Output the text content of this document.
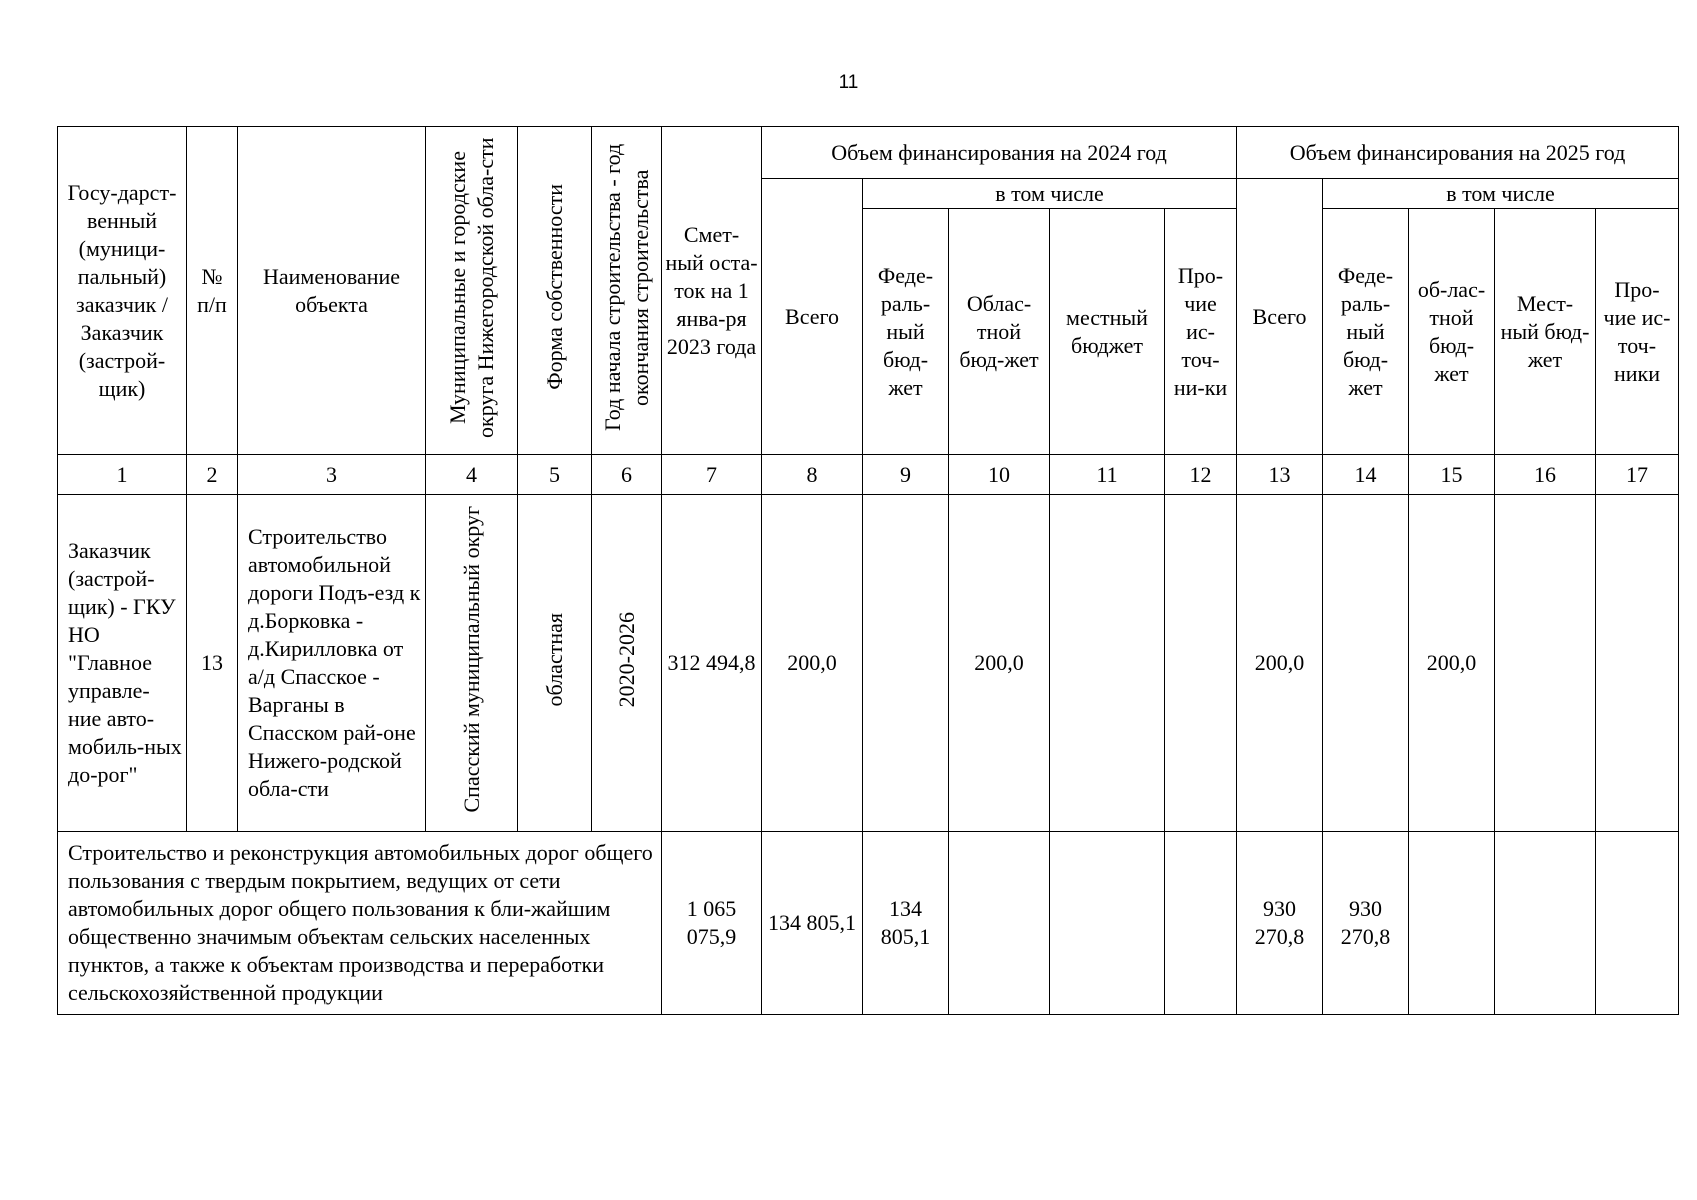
11
Госу-дарст-венный (муници-пальный) заказчик / Заказчик (застрой-щик)	№ п/п	Наименование объекта	Муниципальные и городские округа Нижегородской обла-сти	Форма собственности	Год начала строительства - год окончания строительства	Смет-ный оста-ток на 1 янва-ря 2023 года	Объем финансирования на 2024 год					Объем финансирования на 2025 год				
							Всего	в том числе				Всего	в том числе			
								Феде-раль-ный бюд-жет	Облас-тной бюд-жет	местный бюджет	Про-чие ис-точ-ни-ки		Феде-раль-ный бюд-жет	об-лас-тной бюд-жет	Мест-ный бюд-жет	Про-чие ис-точ-ники
1	2	3	4	5	6	7	8	9	10	11	12	13	14	15	16	17
Заказчик (застрой-щик) - ГКУ НО "Главное управле-ние авто-мобиль-ных до-рог"	13	Строительство автомобильной дороги Подъ-езд к д.Борковка - д.Кирилловка от а/д Спасское - Варганы в Спасском рай-оне Нижего-родской обла-сти	Спасский муниципальный округ	областная	2020-2026	312 494,8	200,0		200,0			200,0		200,0		
Строительство и реконструкция автомобильных дорог общего пользования с твердым покрытием, ведущих от сети автомобильных дорог общего пользования к бли-жайшим общественно значимым объектам сельских населенных пунктов, а также к объектам производства и переработки сельскохозяйственной продукции						1 065 075,9	134 805,1	134 805,1				930 270,8	930 270,8			
